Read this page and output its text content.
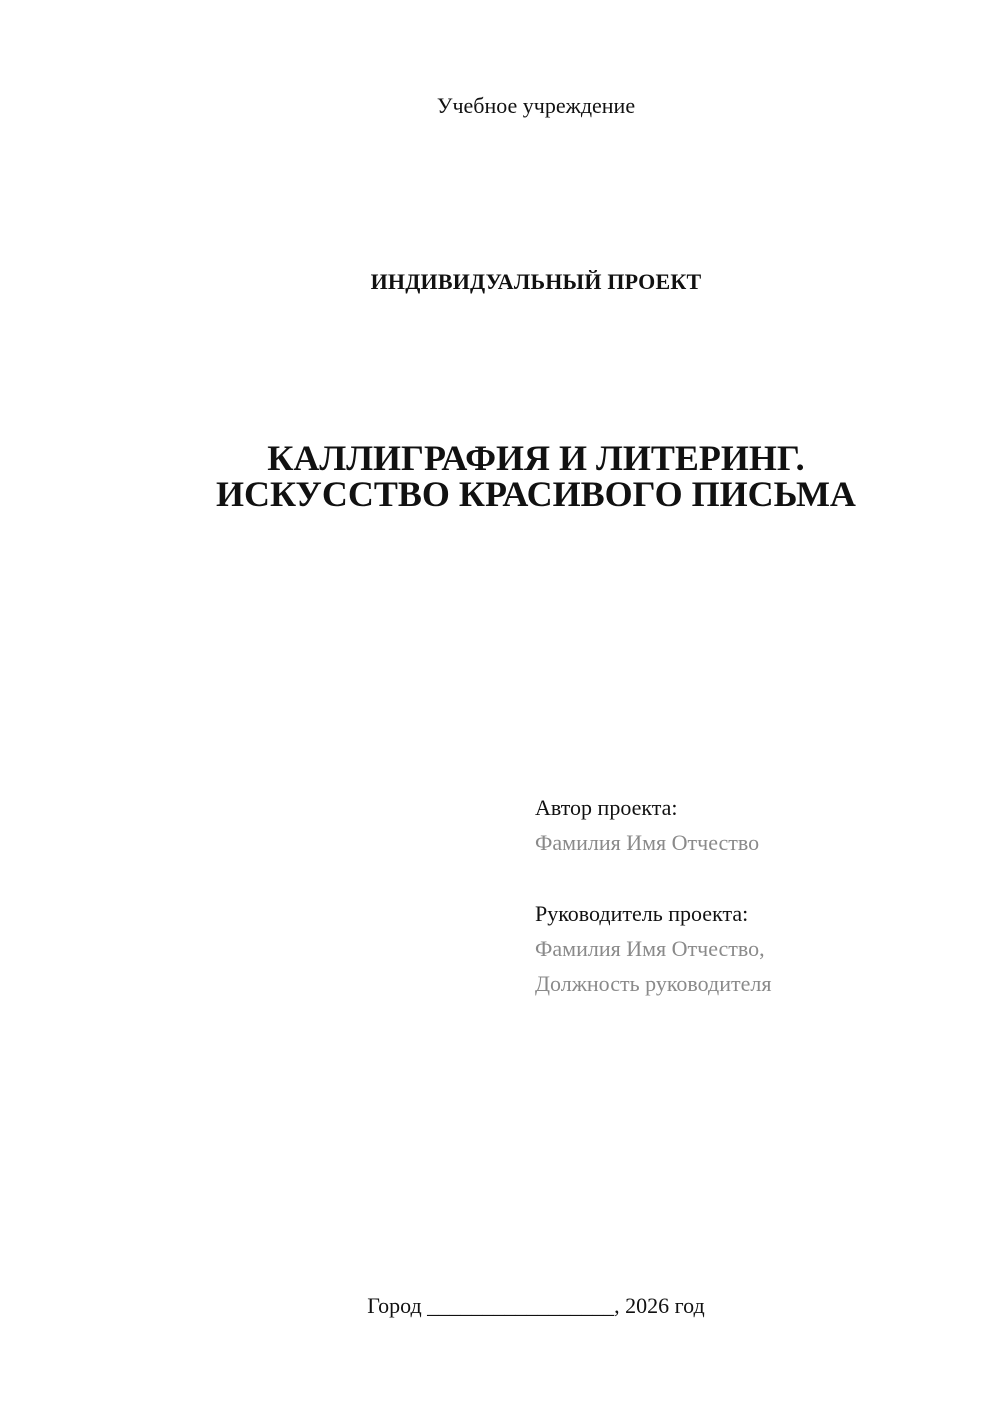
Учебное учреждение
ИНДИВИДУАЛЬНЫЙ ПРОЕКТ
КАЛЛИГРАФИЯ И ЛИТЕРИНГ.
ИСКУССТВО КРАСИВОГО ПИСЬМА
Автор проекта:
Фамилия Имя Отчество
Руководитель проекта:
Фамилия Имя Отчество,
Должность руководителя
Город _________________, 2026 год
